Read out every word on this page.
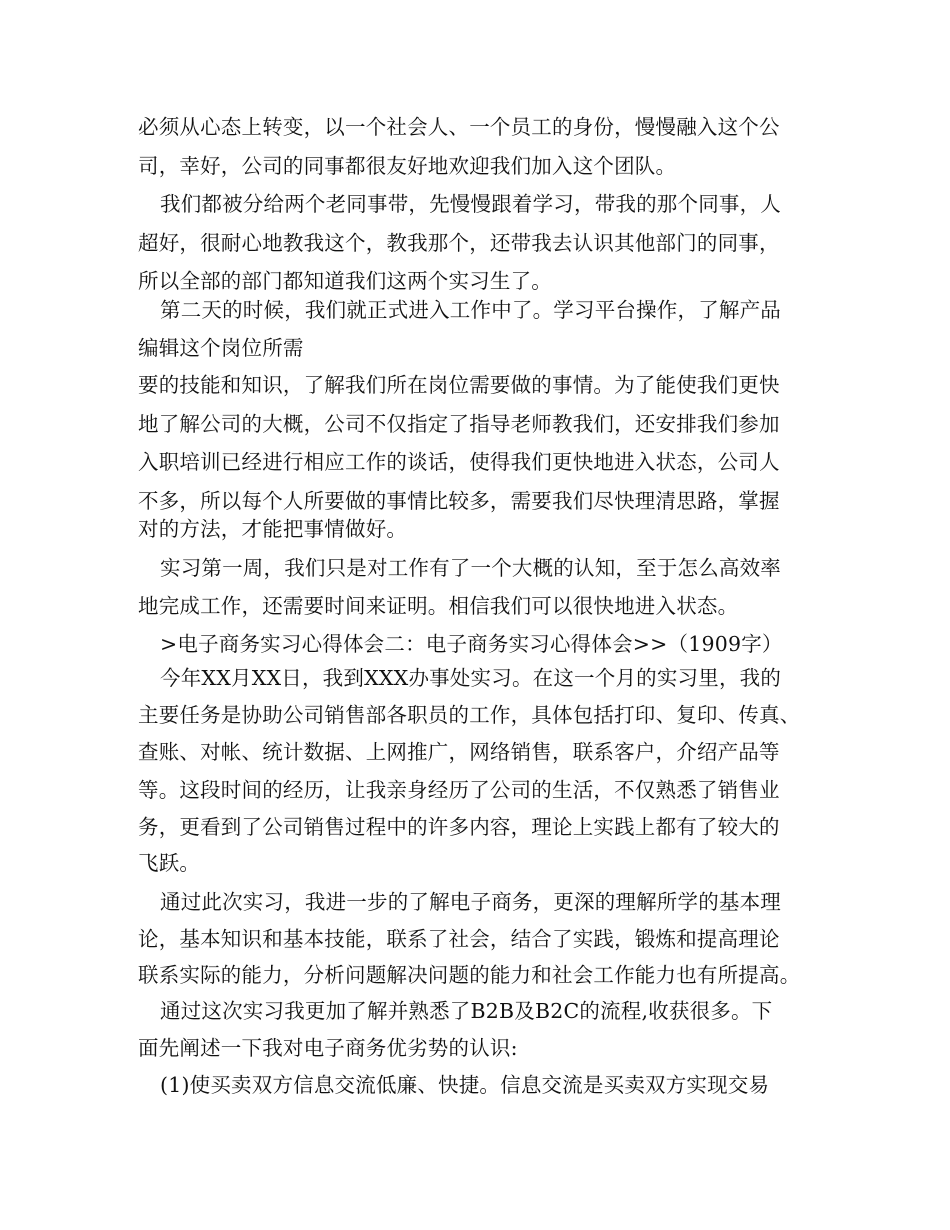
必须从心态上转变，以一个社会人、一个员工的身份，慢慢融入这个公
司，幸好，公司的同事都很友好地欢迎我们加入这个团队。
我们都被分给两个老同事带，先慢慢跟着学习，带我的那个同事，人
超好，很耐心地教我这个，教我那个，还带我去认识其他部门的同事，
所以全部的部门都知道我们这两个实习生了。
第二天的时候，我们就正式进入工作中了。学习平台操作，了解产品
编辑这个岗位所需
要的技能和知识，了解我们所在岗位需要做的事情。为了能使我们更快
地了解公司的大概，公司不仅指定了指导老师教我们，还安排我们参加
入职培训已经进行相应工作的谈话，使得我们更快地进入状态，公司人
不多，所以每个人所要做的事情比较多，需要我们尽快理清思路，掌握
对的方法，才能把事情做好。
实习第一周，我们只是对工作有了一个大概的认知，至于怎么高效率
地完成工作，还需要时间来证明。相信我们可以很快地进入状态。
>电子商务实习心得体会二：电子商务实习心得体会>>（1909字）
今年XX月XX日，我到XXX办事处实习。在这一个月的实习里，我的
主要任务是协助公司销售部各职员的工作，具体包括打印、复印、传真、
查账、对帐、统计数据、上网推广，网络销售，联系客户，介绍产品等
等。这段时间的经历，让我亲身经历了公司的生活，不仅熟悉了销售业
务，更看到了公司销售过程中的许多内容，理论上实践上都有了较大的
飞跃。
通过此次实习，我进一步的了解电子商务，更深的理解所学的基本理
论，基本知识和基本技能，联系了社会，结合了实践，锻炼和提高理论
联系实际的能力，分析问题解决问题的能力和社会工作能力也有所提高。
通过这次实习我更加了解并熟悉了B2B及B2C的流程,收获很多。下
面先阐述一下我对电子商务优劣势的认识:
(1)使买卖双方信息交流低廉、快捷。信息交流是买卖双方实现交易
